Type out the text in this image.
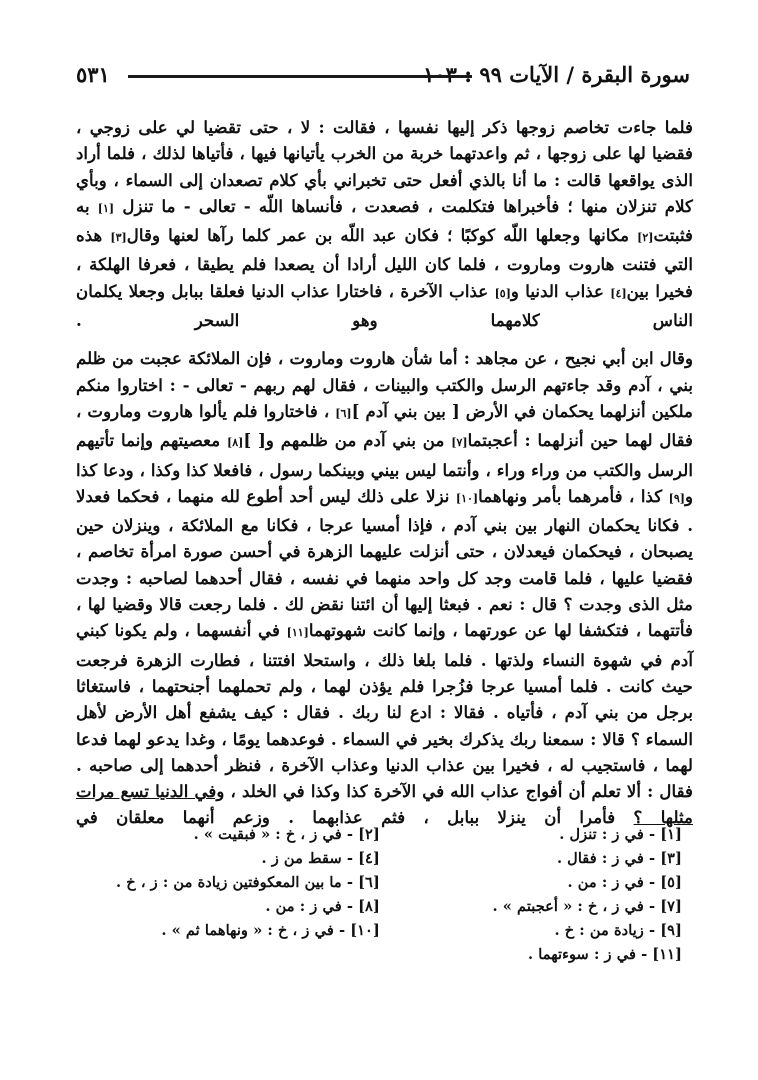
سورة البقرة / الآيات ٩٩ : ١٠٣
٥٣١

فلما جاءت تخاصم زوجها ذكر إليها نفسها ، فقالت : لا ، حتى تقضيا لي على زوجي ، فقضيا لها على زوجها ، ثم واعدتهما خربة من الخرب يأتيانها فيها ، فأتياها لذلك ، فلما أراد الذى يواقعها قالت : ما أنا بالذي أفعل حتى تخبراني بأي كلام تصعدان إلى السماء ، وبأي كلام تنزلان منها ؛ فأخبراها فتكلمت ، فصعدت ، فأنساها اللّه - تعالى - ما تنزل [١] به فثبتت[٢] مكانها وجعلها اللّه كوكبًا ؛ فكان عبد اللّه بن عمر كلما رآها لعنها وقال[٣] هذه التي فتنت هاروت وماروت ، فلما كان الليل أرادا أن يصعدا فلم يطيقا ، فعرفا الهلكة ، فخيرا بين[٤] عذاب الدنيا و[٥] عذاب الآخرة ، فاختارا عذاب الدنيا فعلقا ببابل وجعلا يكلمان الناس كلامهما وهو السحر .

وقال ابن أبي نجيح ، عن مجاهد : أما شأن هاروت وماروت ، فإن الملائكة عجبت من ظلم بني ، آدم وقد جاءتهم الرسل والكتب والبينات ، فقال لهم ربهم - تعالى - : اختاروا منكم ملكين أنزلهما يحكمان في الأرض [ بين بني آدم ][٦] ، فاختاروا فلم يألوا هاروت وماروت ، فقال لهما حين أنزلهما : أعجبتما[٧] من بني آدم من ظلمهم و[ ][٨] معصيتهم وإنما تأتيهم الرسل والكتب من وراء وراء ، وأنتما ليس بيني وبينكما رسول ، فافعلا كذا وكذا ، ودعا كذا و[٩] كذا ، فأمرهما بأمر ونهاهما[١٠] نزلا على ذلك ليس أحد أطوع لله منهما ، فحكما فعدلا . فكانا يحكمان النهار بين بني آدم ، فإذا أمسيا عرجا ، فكانا مع الملائكة ، وينزلان حين يصبحان ، فيحكمان فيعدلان ، حتى أنزلت عليهما الزهرة في أحسن صورة امرأة تخاصم ، فقضيا عليها ، فلما قامت وجد كل واحد منهما في نفسه ، فقال أحدهما لصاحبه : وجدت مثل الذى وجدت ؟ قال : نعم . فبعثا إليها أن ائتنا نقض لك . فلما رجعت قالا وقضيا لها ، فأتتهما ، فتكشفا لها عن عورتهما ، وإنما كانت شهوتهما[١١] في أنفسهما ، ولم يكونا كبني آدم في شهوة النساء ولذتها . فلما بلغا ذلك ، واستحلا افتتنا ، فطارت الزهرة فرجعت حيث كانت . فلما أمسيا عرجا فزُجرا فلم يؤذن لهما ، ولم تحملهما أجنحتهما ، فاستغاثا برجل من بني آدم ، فأتياه . فقالا : ادع لنا ربك . فقال : كيف يشفع أهل الأرض لأهل السماء ؟ قالا : سمعنا ربك يذكرك بخير في السماء . فوعدهما يومًا ، وغدا يدعو لهما فدعا لهما ، فاستجيب له ، فخيرا بين عذاب الدنيا وعذاب الآخرة ، فنظر أحدهما إلى صاحبه . فقال : ألا تعلم أن أفواج عذاب الله في الآخرة كذا وكذا في الخلد ، وفي الدنيا تسع مرات مثلها ؟ فأمرا أن ينزلا ببابل ، فثم عذابهما . وزعم أنهما معلقان في

[١] - في ز : تنزل .
[٢] - في ز ، خ : « فبقيت » .
[٣] - في ز : فقال .
[٤] - سقط من ز .
[٥] - في ز : من .
[٦] - ما بين المعكوفتين زيادة من : ز ، خ .
[٧] - في ز ، خ : « أعجبتم » .
[٨] - في ز : من .
[٩] - زيادة من : خ .
[١٠] - في ز ، خ : « ونهاهما ثم » .
[١١] - في ز : سوءتهما .
